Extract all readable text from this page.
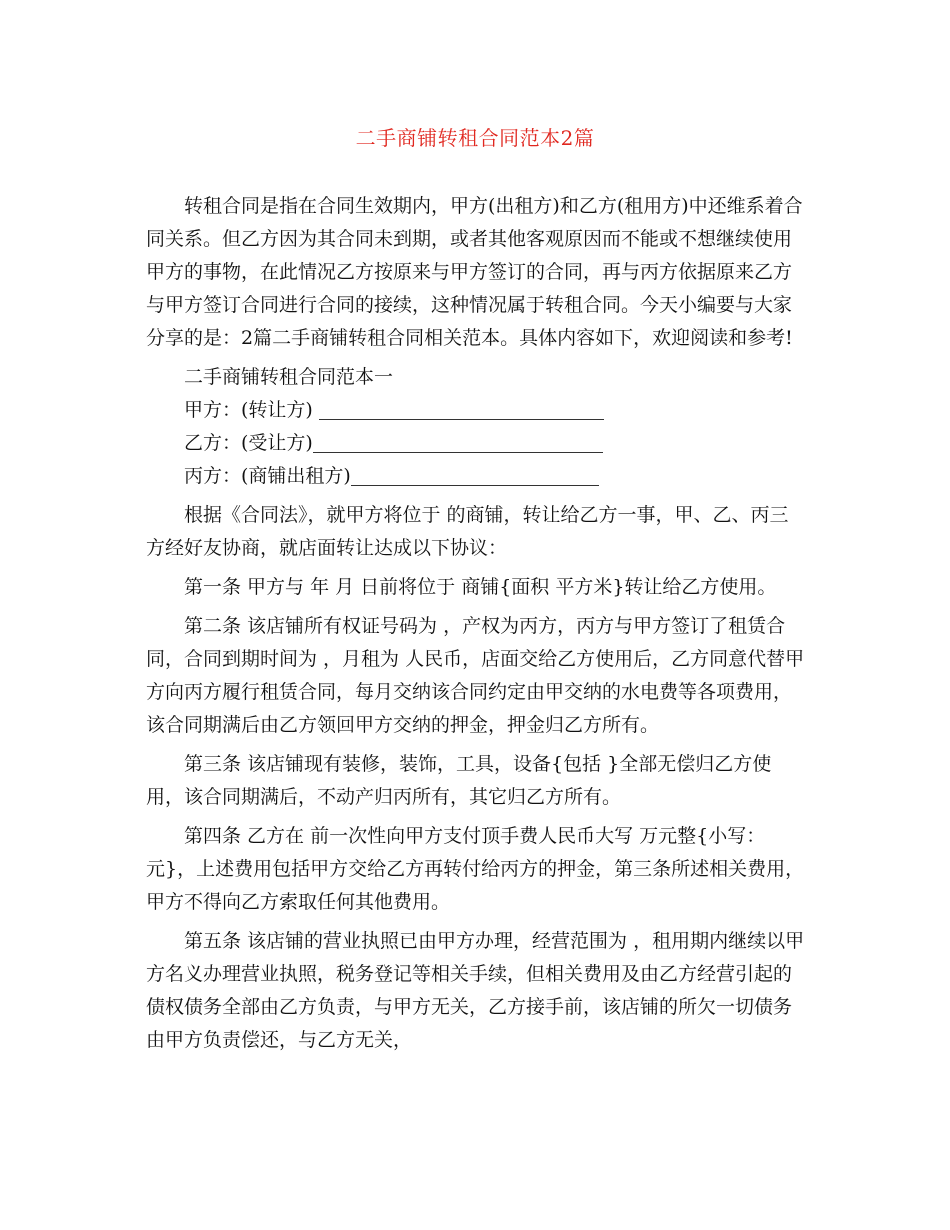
二手商铺转租合同范本2篇

转租合同是指在合同生效期内，甲方(出租方)和乙方(租用方)中还维系着合同关系。但乙方因为其合同未到期，或者其他客观原因而不能或不想继续使用甲方的事物，在此情况乙方按原来与甲方签订的合同，再与丙方依据原来乙方与甲方签订合同进行合同的接续，这种情况属于转租合同。今天小编要与大家分享的是：2篇二手商铺转租合同相关范本。具体内容如下，欢迎阅读和参考!

二手商铺转租合同范本一

甲方：(转让方)

乙方：(受让方)

丙方：(商铺出租方)

根据《合同法》，就甲方将位于 的商铺，转让给乙方一事，甲、乙、丙三方经好友协商，就店面转让达成以下协议：

第一条 甲方与 年 月 日前将位于 商铺{面积 平方米}转让给乙方使用。

第二条 该店铺所有权证号码为 ，产权为丙方，丙方与甲方签订了租赁合同，合同到期时间为 ，月租为 人民币，店面交给乙方使用后，乙方同意代替甲方向丙方履行租赁合同，每月交纳该合同约定由甲交纳的水电费等各项费用，该合同期满后由乙方领回甲方交纳的押金，押金归乙方所有。

第三条 该店铺现有装修，装饰，工具，设备{包括 }全部无偿归乙方使用，该合同期满后，不动产归丙所有，其它归乙方所有。

第四条 乙方在 前一次性向甲方支付顶手费人民币大写 万元整{小写： 元}，上述费用包括甲方交给乙方再转付给丙方的押金，第三条所述相关费用，甲方不得向乙方索取任何其他费用。

第五条 该店铺的营业执照已由甲方办理，经营范围为 ，租用期内继续以甲方名义办理营业执照，税务登记等相关手续，但相关费用及由乙方经营引起的债权债务全部由乙方负责，与甲方无关，乙方接手前，该店铺的所欠一切债务由甲方负责偿还，与乙方无关，
